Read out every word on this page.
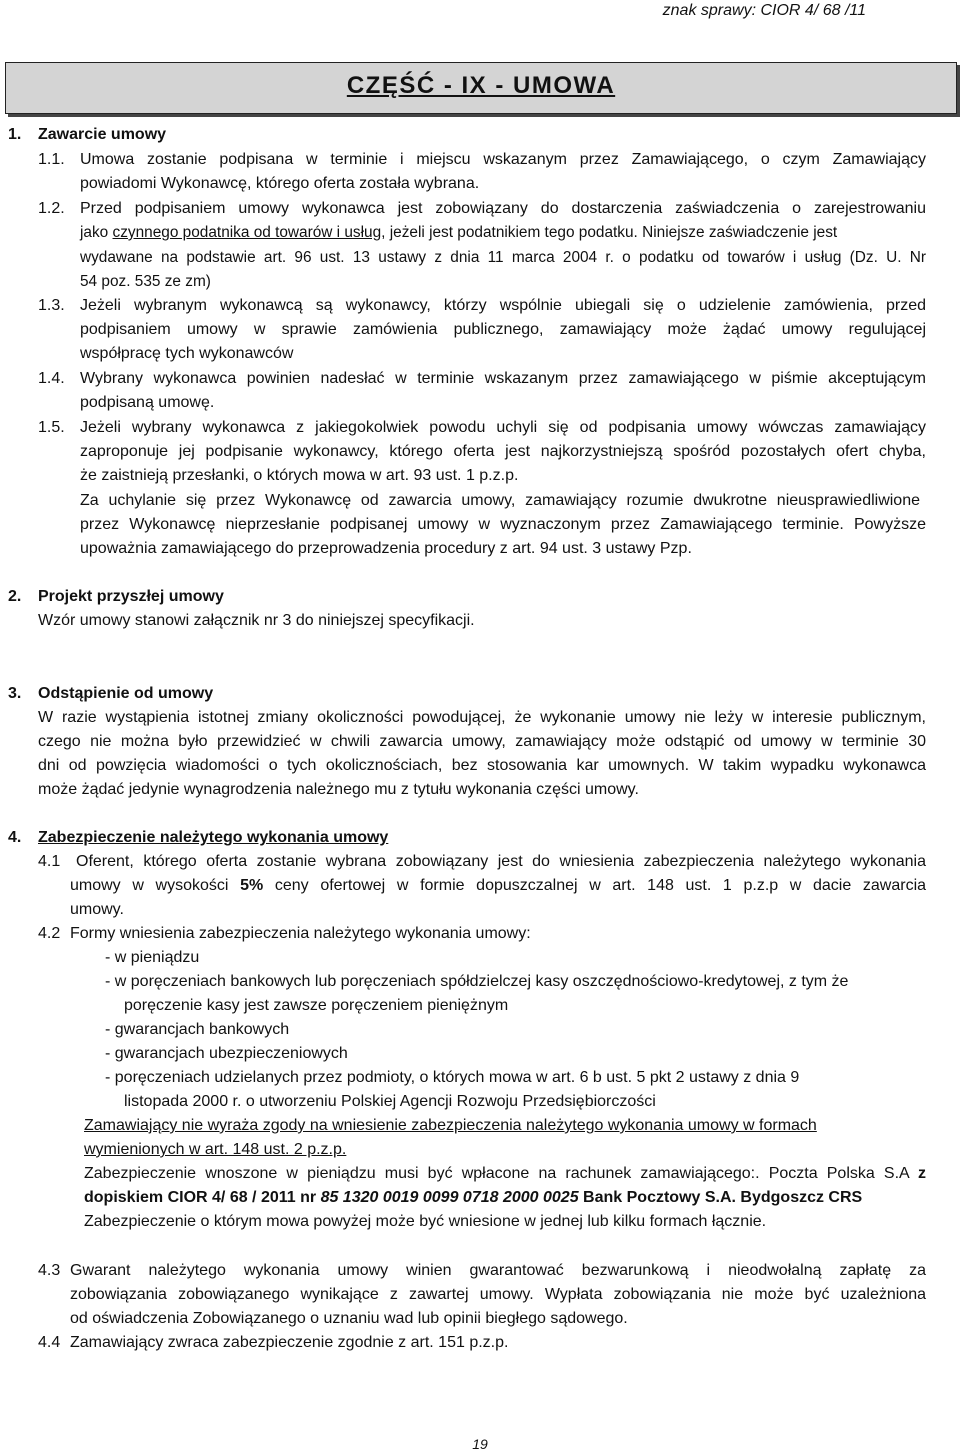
znak sprawy: CIOR 4/ 68 /11
CZĘŚĆ - IX - UMOWA
1. Zawarcie umowy
1.1. Umowa zostanie podpisana w terminie i miejscu wskazanym przez Zamawiającego, o czym Zamawiający
powiadomi Wykonawcę, którego oferta została wybrana.
1.2. Przed podpisaniem umowy wykonawca jest zobowiązany do dostarczenia zaświadczenia o zarejestrowaniu
jako czynnego podatnika od towarów i usług, jeżeli jest podatnikiem tego podatku. Niniejsze zaświadczenie jest
wydawane na podstawie art. 96 ust. 13 ustawy z dnia 11 marca 2004 r. o podatku od towarów i usług (Dz. U. Nr
54 poz. 535 ze zm)
1.3. Jeżeli wybranym wykonawcą są wykonawcy, którzy wspólnie ubiegali się o udzielenie zamówienia, przed
podpisaniem umowy w sprawie zamówienia publicznego, zamawiający może żądać umowy regulującej
współpracę tych wykonawców
1.4. Wybrany wykonawca powinien nadesłać w terminie wskazanym przez zamawiającego w piśmie akceptującym
podpisaną umowę.
1.5. Jeżeli wybrany wykonawca z jakiegokolwiek powodu uchyli się od podpisania umowy wówczas zamawiający
zaproponuje jej podpisanie wykonawcy, którego oferta jest najkorzystniejszą spośród pozostałych ofert chyba,
że zaistnieją przesłanki, o których mowa w art. 93 ust. 1 p.z.p.
Za uchylanie się przez Wykonawcę od zawarcia umowy, zamawiający rozumie dwukrotne nieusprawiedliwione
przez Wykonawcę nieprzesłanie podpisanej umowy w wyznaczonym przez Zamawiającego terminie. Powyższe
upoważnia zamawiającego do przeprowadzenia procedury z art. 94 ust. 3 ustawy Pzp.
2. Projekt przyszłej umowy
Wzór umowy stanowi załącznik nr 3 do niniejszej specyfikacji.
3. Odstąpienie od umowy
W razie wystąpienia istotnej zmiany okoliczności powodującej, że wykonanie umowy nie leży w interesie publicznym,
czego nie można było przewidzieć w chwili zawarcia umowy, zamawiający może odstąpić od umowy w terminie 30
dni od powzięcia wiadomości o tych okolicznościach, bez stosowania kar umownych. W takim wypadku wykonawca
może żądać jedynie wynagrodzenia należnego mu z tytułu wykonania części umowy.
4. Zabezpieczenie należytego wykonania umowy
4.1 Oferent, którego oferta zostanie wybrana zobowiązany jest do wniesienia zabezpieczenia należytego wykonania
umowy w wysokości 5% ceny ofertowej w formie dopuszczalnej w art. 148 ust. 1 p.z.p w dacie zawarcia
umowy.
4.2 Formy wniesienia zabezpieczenia należytego wykonania umowy:
- w pieniądzu
- w poręczeniach bankowych lub poręczeniach spółdzielczej kasy oszczędnościowo-kredytowej, z tym że
poręczenie kasy jest zawsze poręczeniem pieniężnym
- gwarancjach bankowych
- gwarancjach ubezpieczeniowych
- poręczeniach udzielanych przez podmioty, o których mowa w art. 6 b ust. 5 pkt 2 ustawy z dnia 9
listopada 2000 r. o utworzeniu Polskiej Agencji Rozwoju Przedsiębiorczości
Zamawiający nie wyraża zgody na wniesienie zabezpieczenia należytego wykonania umowy w formach
wymienionych w art. 148 ust. 2 p.z.p.
Zabezpieczenie wnoszone w pieniądzu musi być wpłacone na rachunek zamawiającego:. Poczta Polska S.A z
dopiskiem CIOR 4/ 68 / 2011 nr 85 1320 0019 0099 0718 2000 0025 Bank Pocztowy S.A. Bydgoszcz CRS
Zabezpieczenie o którym mowa powyżej może być wniesione w jednej lub kilku formach łącznie.
4.3 Gwarant należytego wykonania umowy winien gwarantować bezwarunkową i nieodwołalną zapłatę za
zobowiązania zobowiązanego wynikające z zawartej umowy. Wypłata zobowiązania nie może być uzależniona
od oświadczenia Zobowiązanego o uznaniu wad lub opinii biegłego sądowego.
4.4 Zamawiający zwraca zabezpieczenie zgodnie z art. 151 p.z.p.
19
